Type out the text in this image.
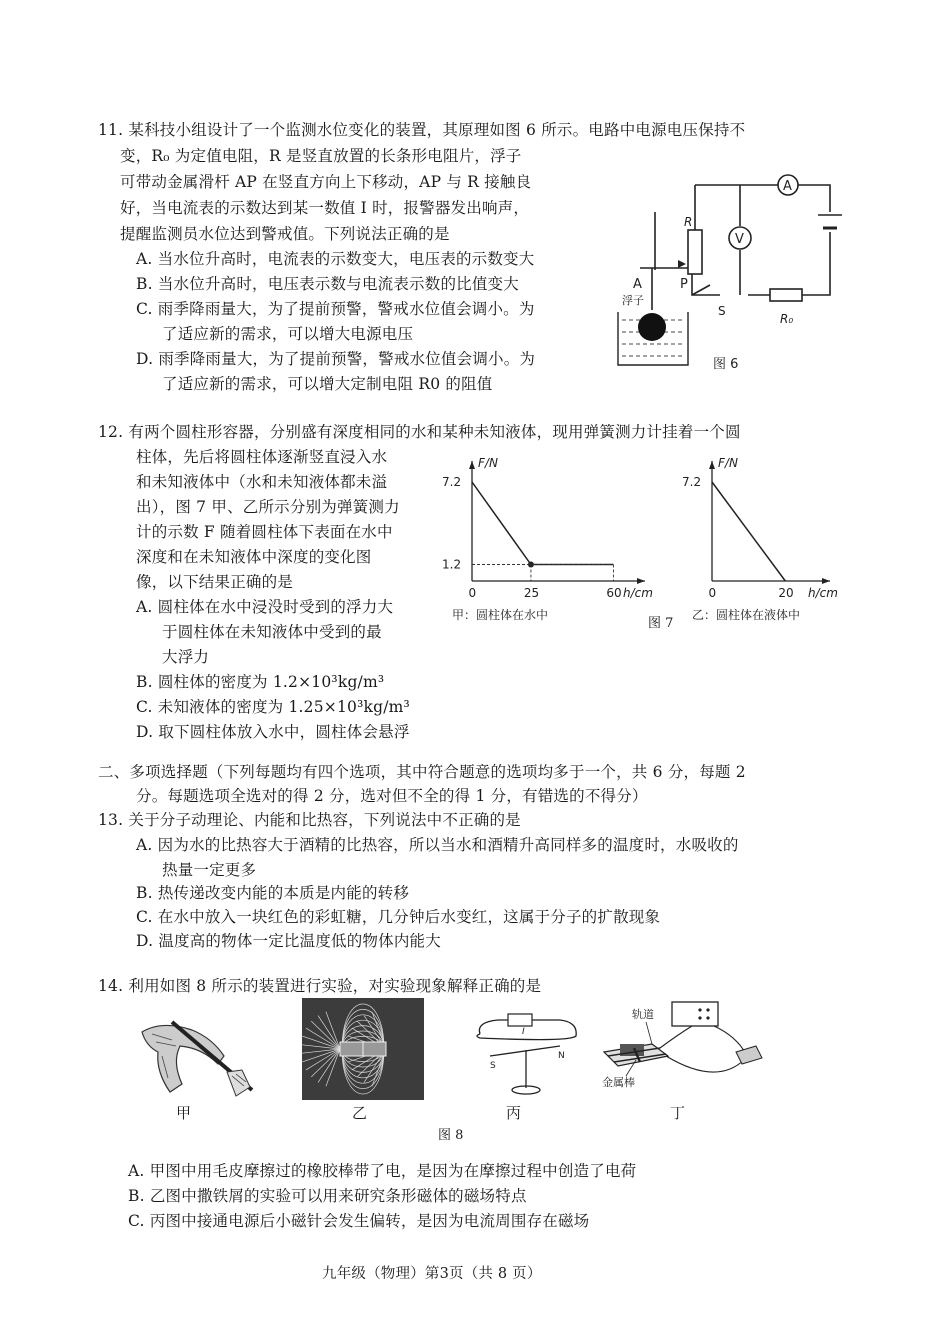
11. 某科技小组设计了一个监测水位变化的装置，其原理如图 6 所示。电路中电源电压保持不
变，R₀ 为定值电阻，R 是竖直放置的长条形电阻片，浮子
可带动金属滑杆 AP 在竖直方向上下移动，AP 与 R 接触良
好，当电流表的示数达到某一数值 I 时，报警器发出响声，
提醒监测员水位达到警戒值。下列说法正确的是
A. 当水位升高时，电流表的示数变大，电压表的示数变大
B. 当水位升高时，电压表示数与电流表示数的比值变大
C. 雨季降雨量大，为了提前预警，警戒水位值会调小。为
了适应新的需求，可以增大电源电压
D. 雨季降雨量大，为了提前预警，警戒水位值会调小。为
了适应新的需求，可以增大定制电阻 R0 的阻值
A
V
R
R₀
S
A	P
浮子
图 6
12. 有两个圆柱形容器，分别盛有深度相同的水和某种未知液体，现用弹簧测力计挂着一个圆
柱体，先后将圆柱体逐渐竖直浸入水
和未知液体中（水和未知液体都未溢
出），图 7 甲、乙所示分别为弹簧测力
计的示数 F 随着圆柱体下表面在水中
深度和在未知液体中深度的变化图
像，以下结果正确的是
A. 圆柱体在水中浸没时受到的浮力大
于圆柱体在未知液体中受到的最
大浮力
B. 圆柱体的密度为 1.2×10³kg/m³
C. 未知液体的密度为 1.25×10³kg/m³
D. 取下圆柱体放入水中，圆柱体会悬浮
F/N
h/cm
7.2
1.2
0	25	60
甲：圆柱体在水中
F/N
h/cm
7.2
0	20
乙：圆柱体在液体中
图 7
二、多项选择题（下列每题均有四个选项，其中符合题意的选项均多于一个，共 6 分，每题 2
分。每题选项全选对的得 2 分，选对但不全的得 1 分，有错选的不得分）
13. 关于分子动理论、内能和比热容，下列说法中不正确的是
A. 因为水的比热容大于酒精的比热容，所以当水和酒精升高同样多的温度时，水吸收的
热量一定更多
B. 热传递改变内能的本质是内能的转移
C. 在水中放入一块红色的彩虹糖，几分钟后水变红，这属于分子的扩散现象
D. 温度高的物体一定比温度低的物体内能大
14. 利用如图 8 所示的装置进行实验，对实验现象解释正确的是
甲	乙
I
S
N
丙
轨道
金属棒
丁
图 8
A. 甲图中用毛皮摩擦过的橡胶棒带了电，是因为在摩擦过程中创造了电荷
B. 乙图中撒铁屑的实验可以用来研究条形磁体的磁场特点
C. 丙图中接通电源后小磁针会发生偏转，是因为电流周围存在磁场
九年级（物理）第3页（共 8 页）
